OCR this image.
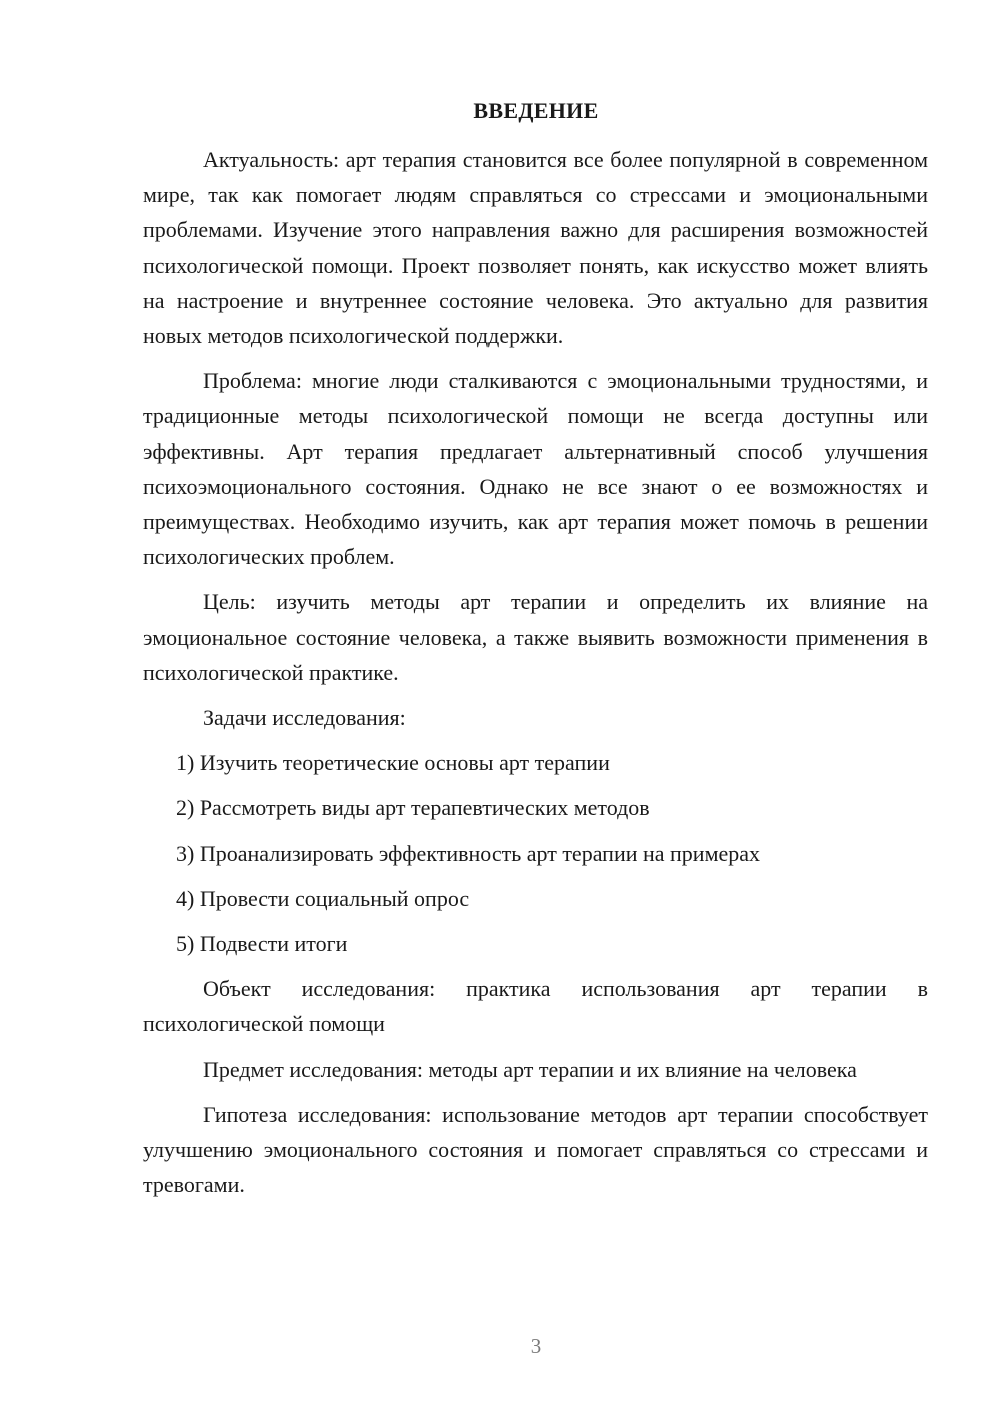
ВВЕДЕНИЕ

Актуальность: арт терапия становится все более популярной в современном мире, так как помогает людям справляться со стрессами и эмоциональными проблемами. Изучение этого направления важно для расширения возможностей психологической помощи. Проект позволяет понять, как искусство может влиять на настроение и внутреннее состояние человека. Это актуально для развития новых методов психологической поддержки.

Проблема: многие люди сталкиваются с эмоциональными трудностями, и традиционные методы психологической помощи не всегда доступны или эффективны. Арт терапия предлагает альтернативный способ улучшения психоэмоционального состояния. Однако не все знают о ее возможностях и преимуществах. Необходимо изучить, как арт терапия может помочь в решении психологических проблем.

Цель: изучить методы арт терапии и определить их влияние на эмоциональное состояние человека, а также выявить возможности применения в психологической практике.

Задачи исследования:

1) Изучить теоретические основы арт терапии

2) Рассмотреть виды арт терапевтических методов

3) Проанализировать эффективность арт терапии на примерах

4) Провести социальный опрос

5) Подвести итоги

Объект исследования: практика использования арт терапии в психологической помощи

Предмет исследования: методы арт терапии и их влияние на человека

Гипотеза исследования: использование методов арт терапии способствует улучшению эмоционального состояния и помогает справляться со стрессами и тревогами.

3
